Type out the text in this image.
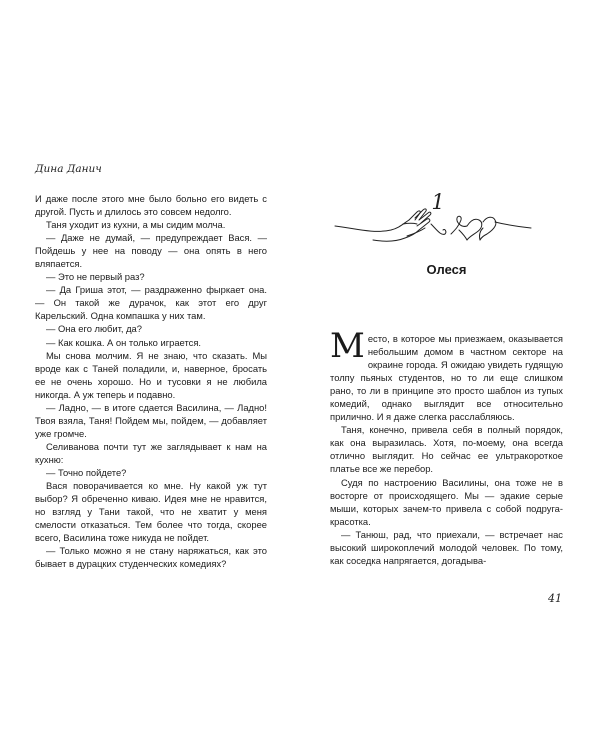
Дина Данич

И даже после этого мне было больно его видеть с другой. Пусть и длилось это совсем недолго.

Таня уходит из кухни, а мы сидим молча.

— Даже не думай, — предупреждает Вася. — Пойдешь у нее на поводу — она опять в него вляпается.

— Это не первый раз?

— Да Гриша этот, — раздраженно фыркает она. — Он такой же дурачок, как этот его друг Карельский. Одна компашка у них там.

— Она его любит, да?

— Как кошка. А он только играется.

Мы снова молчим. Я не знаю, что сказать. Мы вроде как с Таней поладили, и, наверное, бросать ее не очень хорошо. Но и тусовки я не любила никогда. А уж теперь и подавно.

— Ладно, — в итоге сдается Василина, — Ладно! Твоя взяла, Таня! Пойдем мы, пойдем, — добавляет уже громче.

Селиванова почти тут же заглядывает к нам на кухню:

— Точно пойдете?

Вася поворачивается ко мне. Ну какой уж тут выбор? Я обреченно киваю. Идея мне не нравится, но взгляд у Тани такой, что не хватит у меня смелости отказаться. Тем более что тогда, скорее всего, Василина тоже никуда не пойдет.

— Только можно я не стану наряжаться, как это бывает в дурацких студенческих комедиях?

1
Олеся

Место, в которое мы приезжаем, оказывается небольшим домом в частном секторе на окраине города. Я ожидаю увидеть гудящую толпу пьяных студентов, но то ли еще слишком рано, то ли в принципе это просто шаблон из тупых комедий, однако выглядит все относительно прилично. И я даже слегка расслабляюсь.

Таня, конечно, привела себя в полный порядок, как она выразилась. Хотя, по-моему, она всегда отлично выглядит. Но сейчас ее ультракороткое платье все же перебор.

Судя по настроению Василины, она тоже не в восторге от происходящего. Мы — эдакие серые мыши, которых зачем-то привела с собой подруга-красотка.

— Танюш, рад, что приехали, — встречает нас высокий широкоплечий молодой человек. По тому, как соседка напрягается, догадыва-

41
